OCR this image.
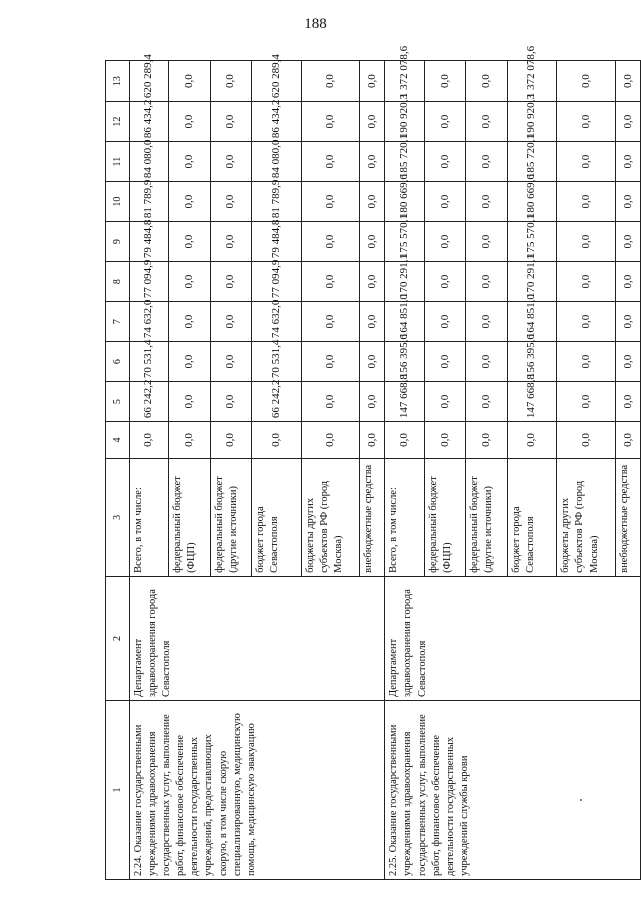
188
1	2	3	4	5	6	7	8	9	10	11	12	13
2.24. Оказание государственными учреждениями здравоохранения государственных услуг, выполнение работ, финансовое обеспечение деятельности государственных учреждений, предоставляющих скорую, в том числе скорую специализированную, медицинскую помощь, медицинскую эвакуацию	Департамент здравоохранения города Севастополя	Всего, в том числе:	0,0	66 242,2	70 531,4	74 632,0	77 094,9	79 484,8	81 789,9	84 080,0	86 434,2	620 289,4
		федеральный бюджет (ФЦП)	0,0	0,0	0,0	0,0	0,0	0,0	0,0	0,0	0,0	0,0
		федеральный бюджет (другие источники)	0,0	0,0	0,0	0,0	0,0	0,0	0,0	0,0	0,0	0,0
		бюджет города Севастополя	0,0	66 242,2	70 531,4	74 632,0	77 094,9	79 484,8	81 789,9	84 080,0	86 434,2	620 289,4
		бюджеты других субъектов РФ (город Москва)	0,0	0,0	0,0	0,0	0,0	0,0	0,0	0,0	0,0	0,0
		внебюджетные средства	0,0	0,0	0,0	0,0	0,0	0,0	0,0	0,0	0,0	0,0
2.25. Оказание государственными учреждениями здравоохранения государственных услуг, выполнение работ, финансовое обеспечение деятельности государственных учреждений службы крови	Департамент здравоохранения города Севастополя	Всего, в том числе:	0,0	147 668,8	156 395,6	164 851,0	170 291,1	175 570,1	180 669,6	185 720,1	190 920,3	1 372 078,6
		федеральный бюджет (ФЦП)	0,0	0,0	0,0	0,0	0,0	0,0	0,0	0,0	0,0	0,0
		федеральный бюджет (другие источники)	0,0	0,0	0,0	0,0	0,0	0,0	0,0	0,0	0,0	0,0
		бюджет города Севастополя	0,0	147 668,8	156 395,6	164 851,0	170 291,1	175 570,1	180 669,6	185 720,1	190 920,3	1 372 078,6
		бюджеты других субъектов РФ (город Москва)	0,0	0,0	0,0	0,0	0,0	0,0	0,0	0,0	0,0	0,0
		внебюджетные средства	0,0	0,0	0,0	0,0	0,0	0,0	0,0	0,0	0,0	0,0
